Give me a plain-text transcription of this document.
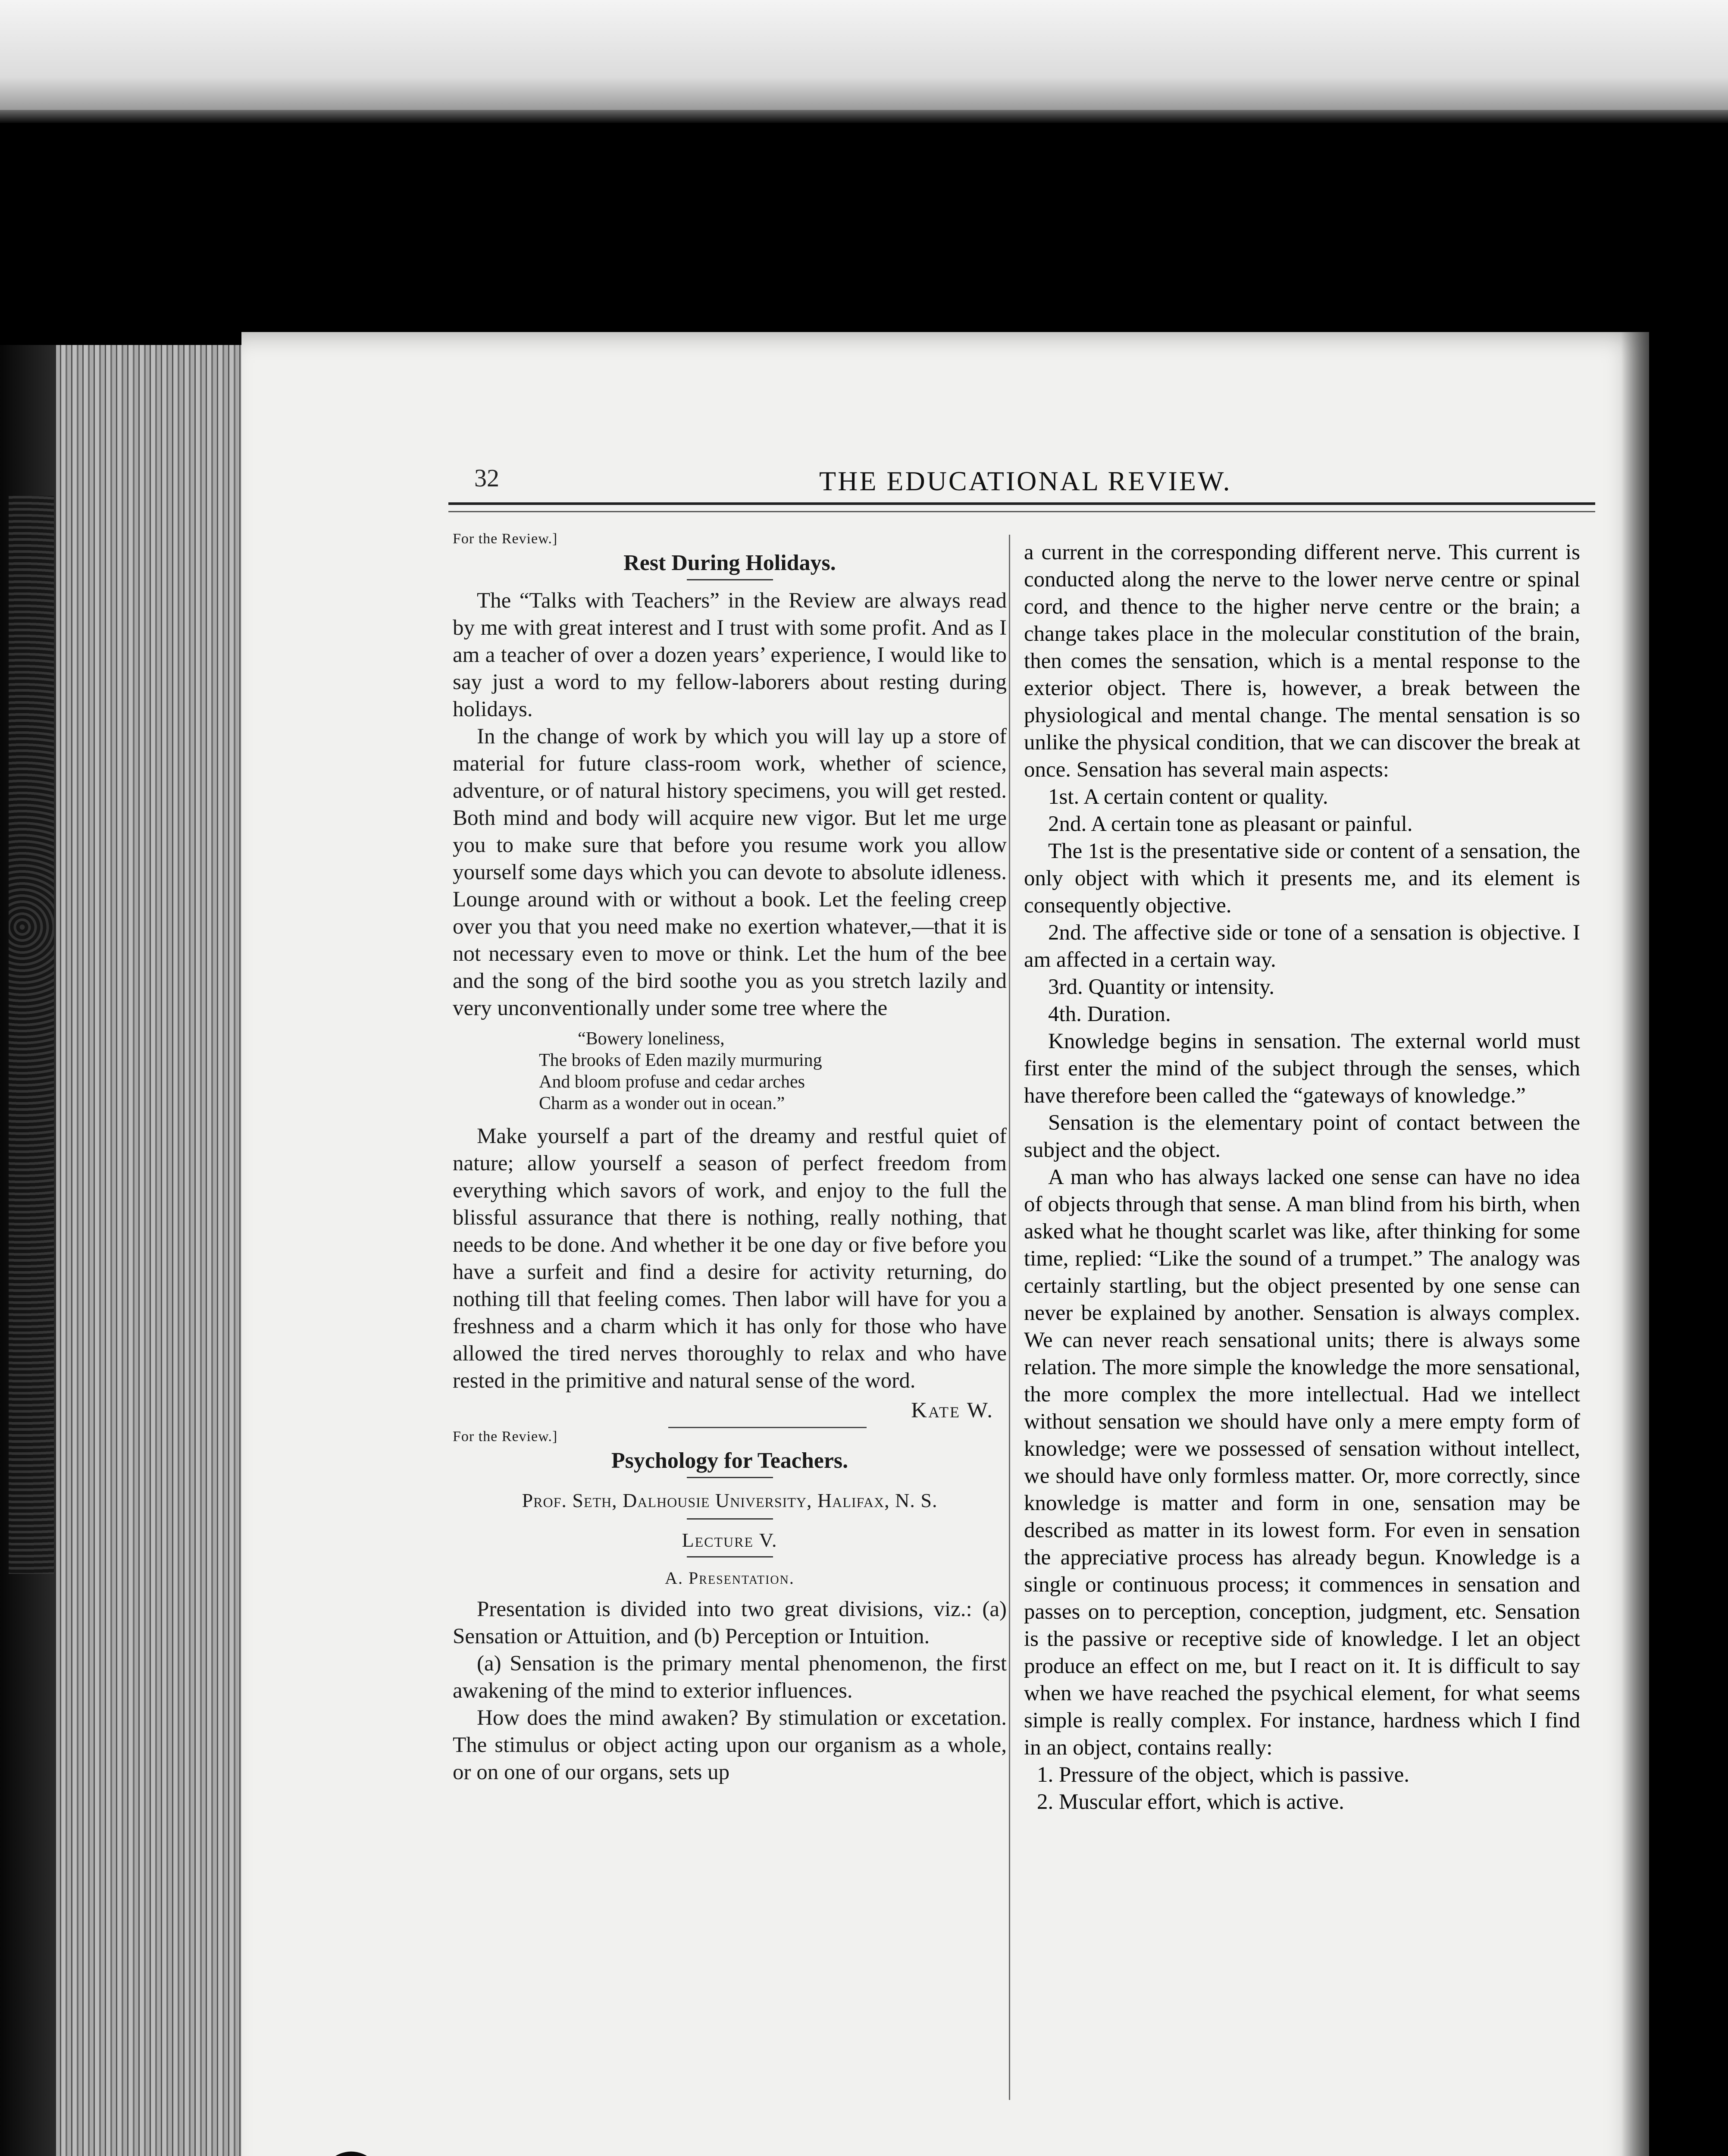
32	THE EDUCATIONAL REVIEW.
For the Review.]
Rest During Holidays.

The “Talks with Teachers” in the Review are always read by me with great interest and I trust with some profit. And as I am a teacher of over a dozen years’ experience, I would like to say just a word to my fellow-laborers about resting during holidays.

In the change of work by which you will lay up a store of material for future class-room work, whether of science, adventure, or of natural history specimens, you will get rested. Both mind and body will acquire new vigor. But let me urge you to make sure that before you resume work you allow yourself some days which you can devote to absolute idleness. Lounge around with or without a book. Let the feeling creep over you that you need make no exertion whatever,—that it is not necessary even to move or think. Let the hum of the bee and the song of the bird soothe you as you stretch lazily and very unconventionally under some tree where the

“Bowery loneliness,
The brooks of Eden mazily murmuring
And bloom profuse and cedar arches
Charm as a wonder out in ocean.”

Make yourself a part of the dreamy and restful quiet of nature; allow yourself a season of perfect freedom from everything which savors of work, and enjoy to the full the blissful assurance that there is nothing, really nothing, that needs to be done. And whether it be one day or five before you have a surfeit and find a desire for activity returning, do nothing till that feeling comes. Then labor will have for you a freshness and a charm which it has only for those who have allowed the tired nerves thoroughly to relax and who have rested in the primitive and natural sense of the word.

Kate W.
For the Review.]
Psychology for Teachers.
Prof. Seth, Dalhousie University, Halifax, N. S.
Lecture V.
A. Presentation.

Presentation is divided into two great divisions, viz.: (a) Sensation or Attuition, and (b) Perception or Intuition.

(a) Sensation is the primary mental phenomenon, the first awakening of the mind to exterior influences.

How does the mind awaken? By stimulation or excetation. The stimulus or object acting upon our organism as a whole, or on one of our organs, sets up

a current in the corresponding different nerve. This current is conducted along the nerve to the lower nerve centre or spinal cord, and thence to the higher nerve centre or the brain; a change takes place in the molecular constitution of the brain, then comes the sensation, which is a mental response to the exterior object. There is, however, a break between the physiological and mental change. The mental sensation is so unlike the physical condition, that we can discover the break at once. Sensation has several main aspects:

1st. A certain content or quality.
2nd. A certain tone as pleasant or painful.

The 1st is the presentative side or content of a sensation, the only object with which it presents me, and its element is consequently objective.

2nd. The affective side or tone of a sensation is objective. I am affected in a certain way.

3rd. Quantity or intensity.
4th. Duration.

Knowledge begins in sensation. The external world must first enter the mind of the subject through the senses, which have therefore been called the “gateways of knowledge.”

Sensation is the elementary point of contact between the subject and the object.

A man who has always lacked one sense can have no idea of objects through that sense. A man blind from his birth, when asked what he thought scarlet was like, after thinking for some time, replied: “Like the sound of a trumpet.” The analogy was certainly startling, but the object presented by one sense can never be explained by another. Sensation is always complex. We can never reach sensational units; there is always some relation. The more simple the knowledge the more sensational, the more complex the more intellectual. Had we intellect without sensation we should have only a mere empty form of knowledge; were we possessed of sensation without intellect, we should have only formless matter. Or, more correctly, since knowledge is matter and form in one, sensation may be described as matter in its lowest form. For even in sensation the appreciative process has already begun. Knowledge is a single or continuous process; it commences in sensation and passes on to perception, conception, judgment, etc. Sensation is the passive or receptive side of knowledge. I let an object produce an effect on me, but I react on it. It is difficult to say when we have reached the psychical element, for what seems simple is really complex. For instance, hardness which I find in an object, contains really:

1. Pressure of the object, which is passive.
2. Muscular effort, which is active.
